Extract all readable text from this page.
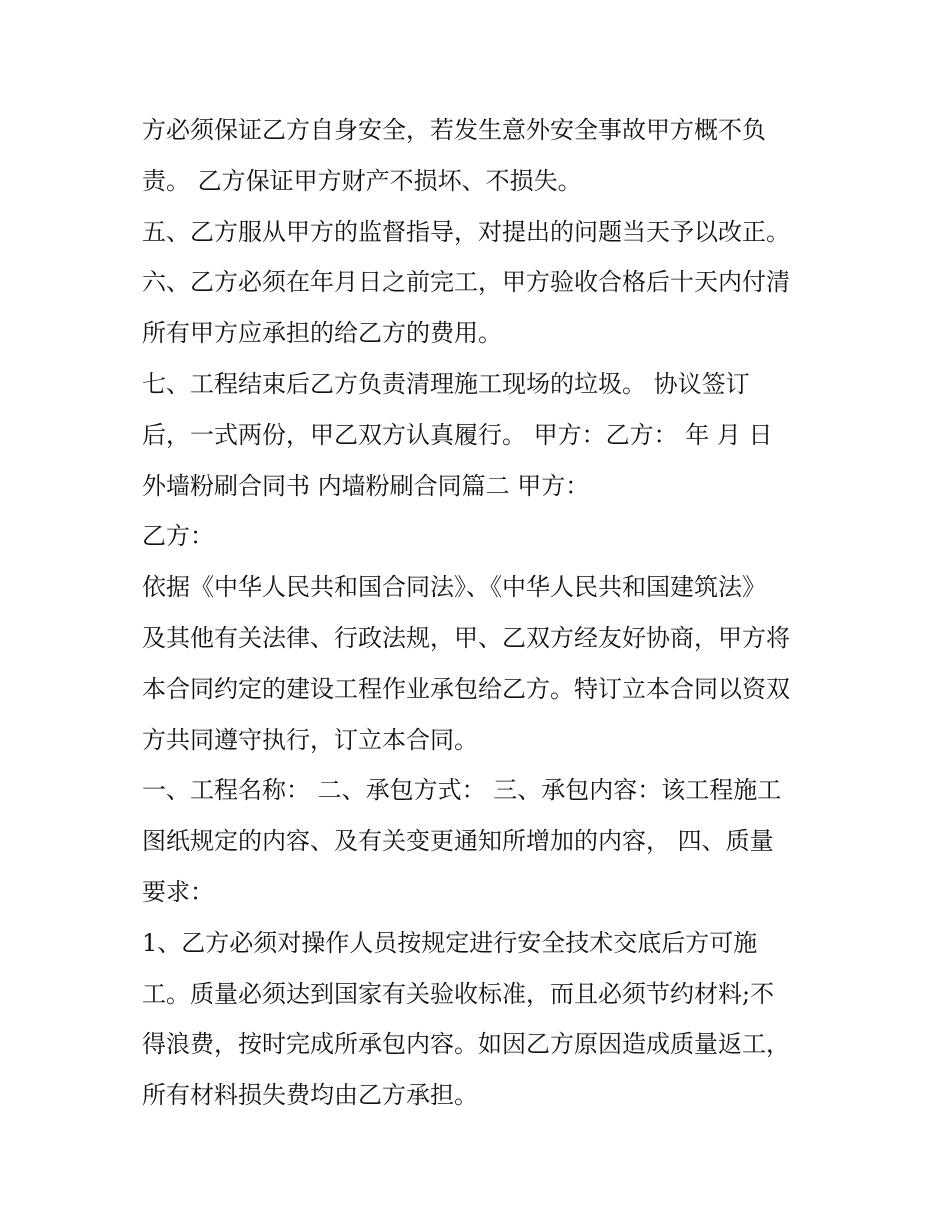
方必须保证乙方自身安全，若发生意外安全事故甲方概不负
责。 乙方保证甲方财产不损坏、不损失。
五、乙方服从甲方的监督指导，对提出的问题当天予以改正。
六、乙方必须在年月日之前完工，甲方验收合格后十天内付清
所有甲方应承担的给乙方的费用。
七、工程结束后乙方负责清理施工现场的垃圾。 协议签订
后，一式两份，甲乙双方认真履行。 甲方：乙方： 年 月 日
外墙粉刷合同书 内墙粉刷合同篇二 甲方：
乙方：
依据《中华人民共和国合同法》、《中华人民共和国建筑法》
及其他有关法律、行政法规，甲、乙双方经友好协商，甲方将
本合同约定的建设工程作业承包给乙方。特订立本合同以资双
方共同遵守执行，订立本合同。
一、工程名称： 二、承包方式： 三、承包内容：该工程施工
图纸规定的内容、及有关变更通知所增加的内容， 四、质量
要求：
1、乙方必须对操作人员按规定进行安全技术交底后方可施
工。质量必须达到国家有关验收标准，而且必须节约材料;不
得浪费，按时完成所承包内容。如因乙方原因造成质量返工，
所有材料损失费均由乙方承担。
